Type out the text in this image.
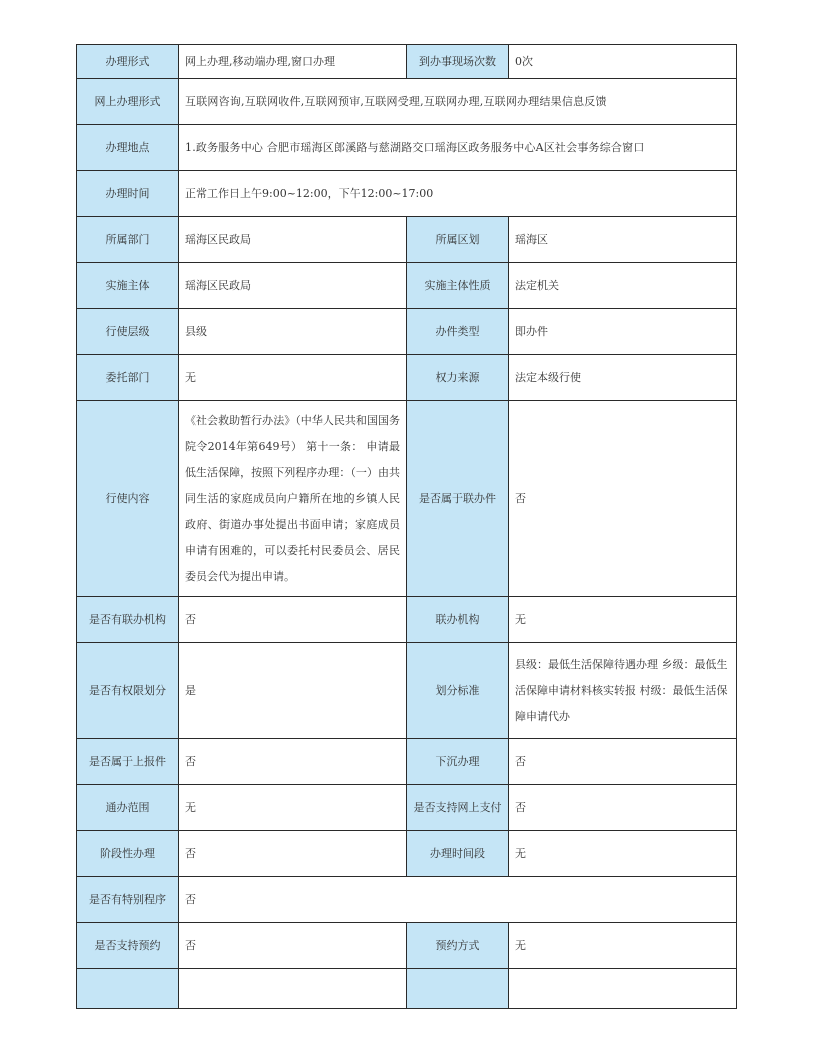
办理形式	网上办理,移动端办理,窗口办理	到办事现场次数	0次
网上办理形式	互联网咨询,互联网收件,互联网预审,互联网受理,互联网办理,互联网办理结果信息反馈		
办理地点	1.政务服务中心 合肥市瑶海区郎溪路与慈湖路交口瑶海区政务服务中心A区社会事务综合窗口		
办理时间	正常工作日上午9:00~12:00，下午12:00~17:00		
所属部门	瑶海区民政局	所属区划	瑶海区
实施主体	瑶海区民政局	实施主体性质	法定机关
行使层级	县级	办件类型	即办件
委托部门	无	权力来源	法定本级行使
行使内容	《社会救助暂行办法》（中华人民共和国国务院令2014年第649号） 第十一条： 申请最低生活保障，按照下列程序办理：（一）由共同生活的家庭成员向户籍所在地的乡镇人民政府、街道办事处提出书面申请；家庭成员申请有困难的，可以委托村民委员会、居民委员会代为提出申请。	是否属于联办件	否
是否有联办机构	否	联办机构	无
是否有权限划分	是	划分标准	县级：最低生活保障待遇办理 乡级：最低生活保障申请材料核实转报 村级：最低生活保障申请代办
是否属于上报件	否	下沉办理	否
通办范围	无	是否支持网上支付	否
阶段性办理	否	办理时间段	无
是否有特别程序	否		
是否支持预约	否	预约方式	无
